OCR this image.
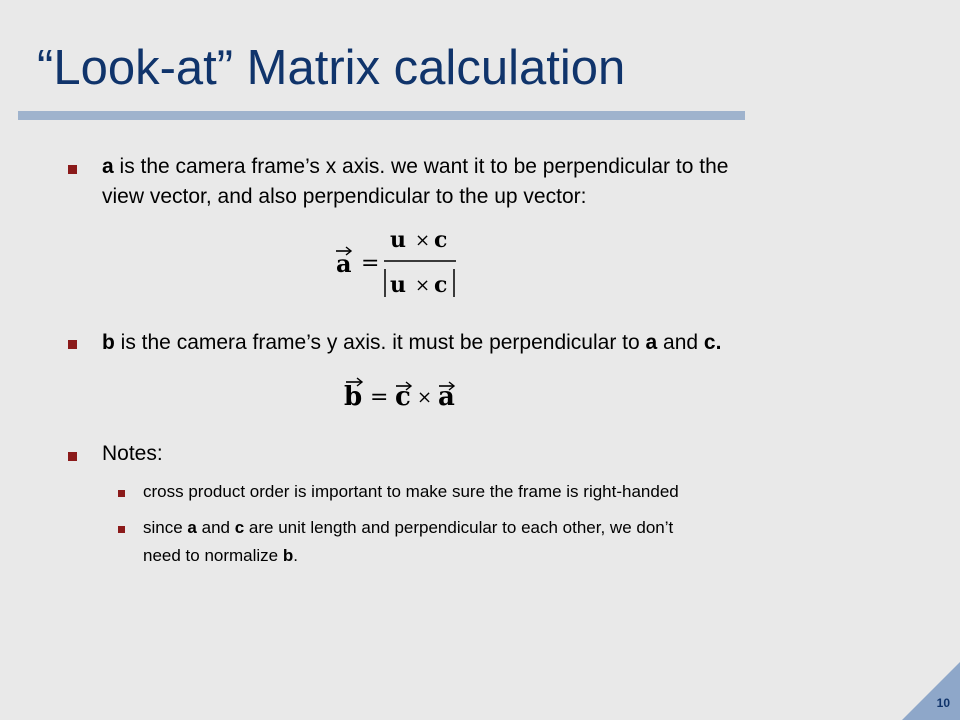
“Look-at” Matrix calculation
a is the camera frame’s x axis. we want it to be perpendicular to the
view vector, and also perpendicular to the up vector:
a =
u × c
u × c
b is the camera frame’s y axis. it must be perpendicular to a and c.
b = c × a
Notes:
cross product order is important to make sure the frame is right-handed
since a and c are unit length and perpendicular to each other, we don’t
need to normalize b.
10
